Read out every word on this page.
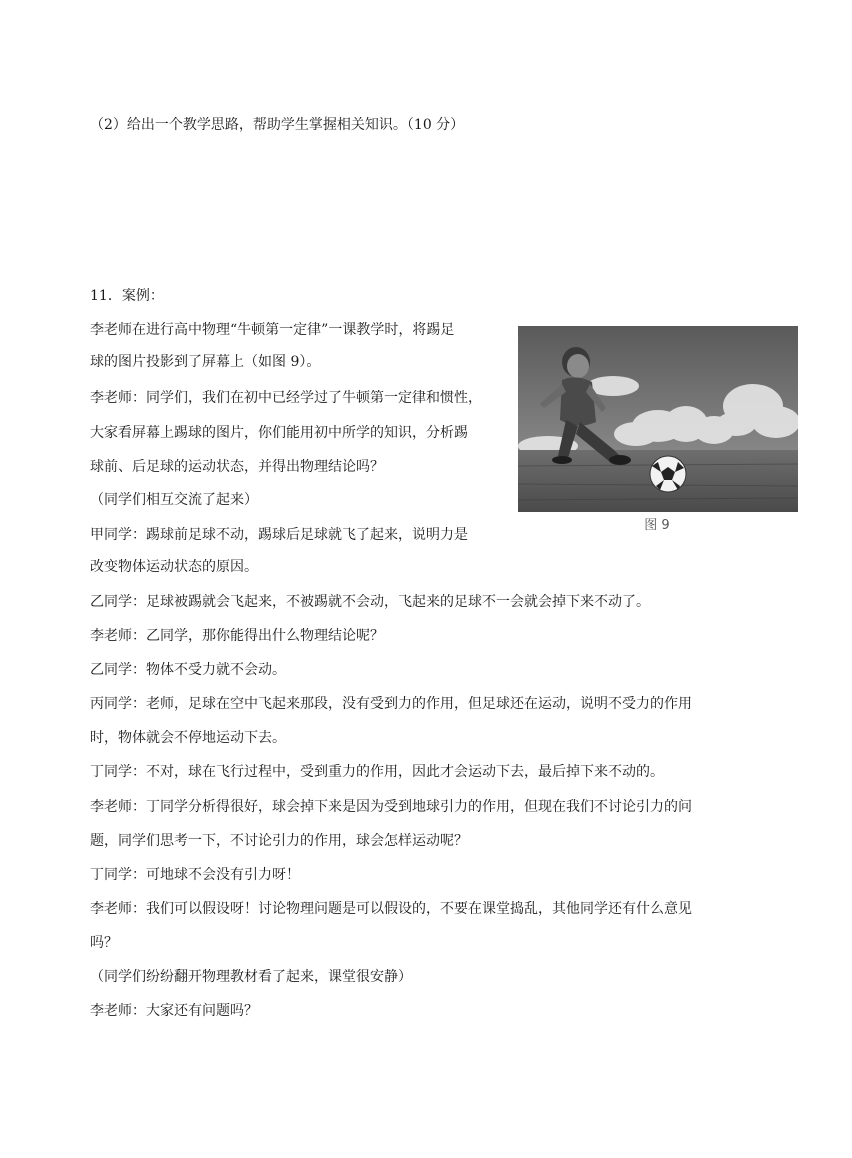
（2）给出一个教学思路，帮助学生掌握相关知识。（10 分）
11．案例：
李老师在进行高中物理“牛顿第一定律”一课教学时，将踢足
球的图片投影到了屏幕上（如图 9）。
李老师：同学们，我们在初中已经学过了牛顿第一定律和惯性，
大家看屏幕上踢球的图片，你们能用初中所学的知识，分析踢
球前、后足球的运动状态，并得出物理结论吗？
（同学们相互交流了起来）
甲同学：踢球前足球不动，踢球后足球就飞了起来，说明力是
改变物体运动状态的原因。
乙同学：足球被踢就会飞起来，不被踢就不会动，飞起来的足球不一会就会掉下来不动了。
李老师：乙同学，那你能得出什么物理结论呢？
乙同学：物体不受力就不会动。
丙同学：老师，足球在空中飞起来那段，没有受到力的作用，但足球还在运动，说明不受力的作用
时，物体就会不停地运动下去。
丁同学：不对，球在飞行过程中，受到重力的作用，因此才会运动下去，最后掉下来不动的。
李老师：丁同学分析得很好，球会掉下来是因为受到地球引力的作用，但现在我们不讨论引力的问
题，同学们思考一下，不讨论引力的作用，球会怎样运动呢？
丁同学：可地球不会没有引力呀！
李老师：我们可以假设呀！讨论物理问题是可以假设的，不要在课堂捣乱，其他同学还有什么意见
吗？
（同学们纷纷翻开物理教材看了起来，课堂很安静）
李老师：大家还有问题吗？
图 9
